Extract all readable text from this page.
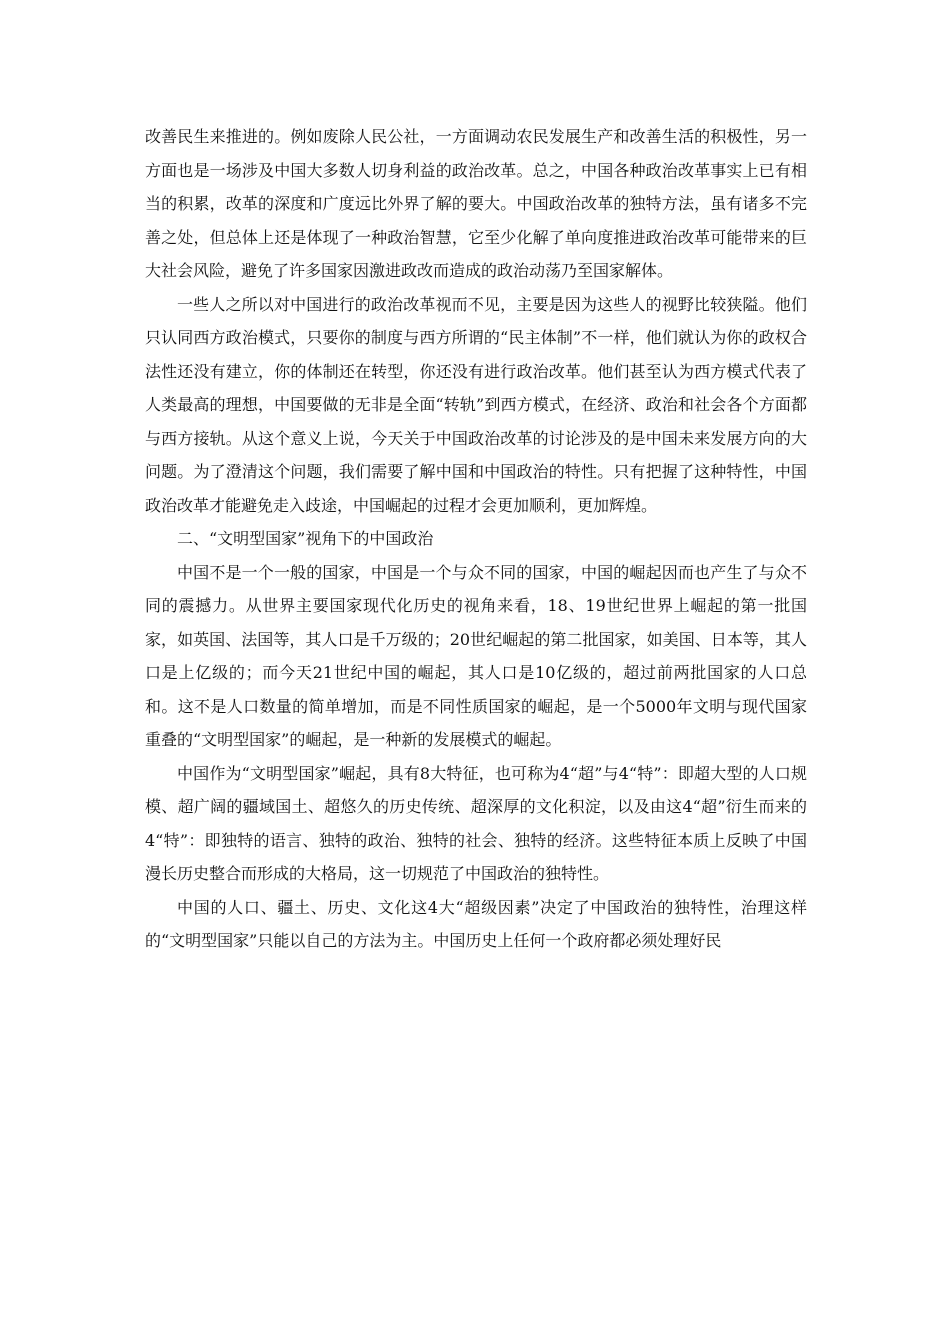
改善民生来推进的。例如废除人民公社，一方面调动农民发展生产和改善生活的积极性，另一方面也是一场涉及中国大多数人切身利益的政治改革。总之，中国各种政治改革事实上已有相当的积累，改革的深度和广度远比外界了解的要大。中国政治改革的独特方法，虽有诸多不完善之处，但总体上还是体现了一种政治智慧，它至少化解了单向度推进政治改革可能带来的巨大社会风险，避免了许多国家因激进政改而造成的政治动荡乃至国家解体。

一些人之所以对中国进行的政治改革视而不见，主要是因为这些人的视野比较狭隘。他们只认同西方政治模式，只要你的制度与西方所谓的“民主体制”不一样，他们就认为你的政权合法性还没有建立，你的体制还在转型，你还没有进行政治改革。他们甚至认为西方模式代表了人类最高的理想，中国要做的无非是全面“转轨”到西方模式，在经济、政治和社会各个方面都与西方接轨。从这个意义上说，今天关于中国政治改革的讨论涉及的是中国未来发展方向的大问题。为了澄清这个问题，我们需要了解中国和中国政治的特性。只有把握了这种特性，中国政治改革才能避免走入歧途，中国崛起的过程才会更加顺利，更加辉煌。

二、“文明型国家”视角下的中国政治

中国不是一个一般的国家，中国是一个与众不同的国家，中国的崛起因而也产生了与众不同的震撼力。从世界主要国家现代化历史的视角来看，18、19世纪世界上崛起的第一批国家，如英国、法国等，其人口是千万级的；20世纪崛起的第二批国家，如美国、日本等，其人口是上亿级的；而今天21世纪中国的崛起，其人口是10亿级的，超过前两批国家的人口总和。这不是人口数量的简单增加，而是不同性质国家的崛起，是一个5000年文明与现代国家重叠的“文明型国家”的崛起，是一种新的发展模式的崛起。

中国作为“文明型国家”崛起，具有8大特征，也可称为4“超”与4“特”：即超大型的人口规模、超广阔的疆域国土、超悠久的历史传统、超深厚的文化积淀，以及由这4“超”衍生而来的4“特”：即独特的语言、独特的政治、独特的社会、独特的经济。这些特征本质上反映了中国漫长历史整合而形成的大格局，这一切规范了中国政治的独特性。

中国的人口、疆土、历史、文化这4大“超级因素”决定了中国政治的独特性，治理这样的“文明型国家”只能以自己的方法为主。中国历史上任何一个政府都必须处理好民
